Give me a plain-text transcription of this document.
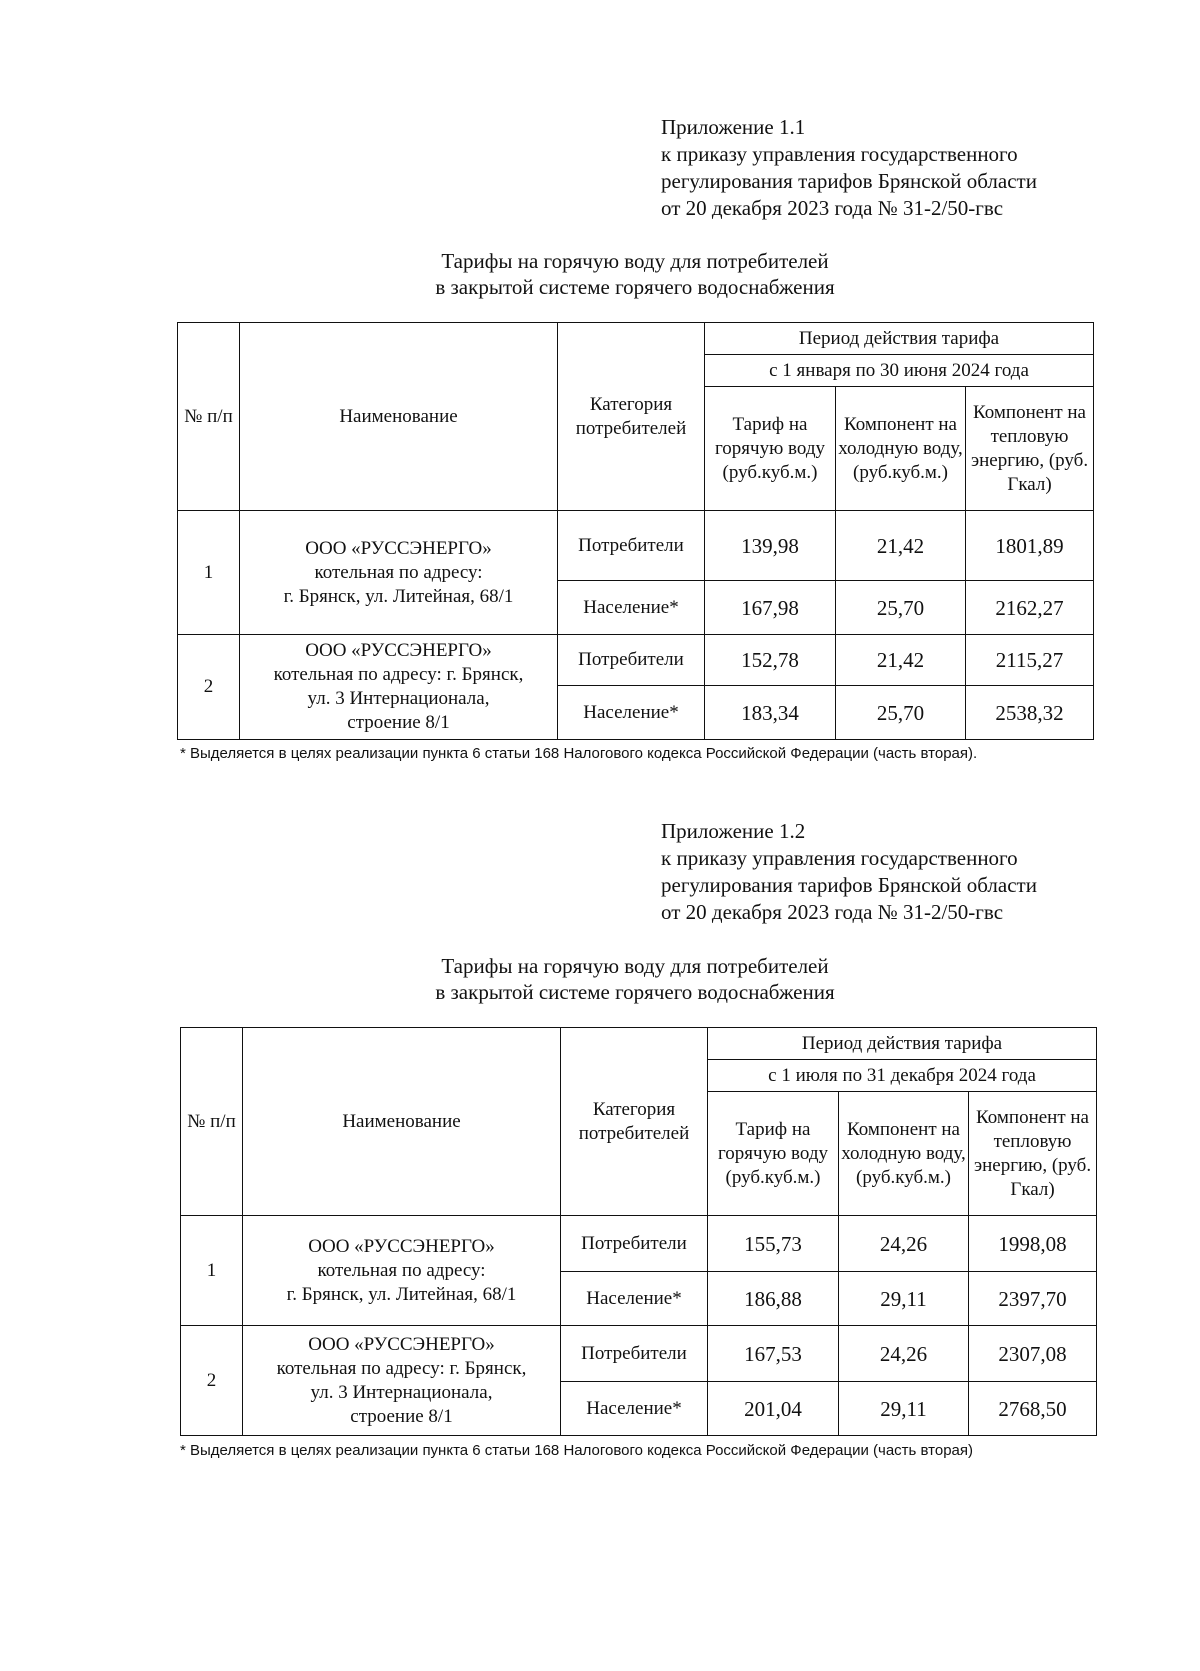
Приложение 1.1
к приказу управления государственного
регулирования тарифов Брянской области
от 20 декабря 2023 года № 31-2/50-гвс
Тарифы на горячую воду для потребителей
в закрытой системе горячего водоснабжения
№ п/п	Наименование	Категория потребителей	Период действия тарифа		
			с 1 января по 30 июня 2024 года		
			Тариф на горячую воду (руб.куб.м.)	Компонент на холодную воду, (руб.куб.м.)	Компонент на тепловую энергию, (руб. Гкал)
1	ООО «РУССЭНЕРГО»
котельная по адресу:
г. Брянск, ул. Литейная, 68/1	Потребители	139,98	21,42	1801,89
		Население*	167,98	25,70	2162,27
2	ООО «РУССЭНЕРГО»
котельная по адресу: г. Брянск,
ул. 3 Интернационала,
строение 8/1	Потребители	152,78	21,42	2115,27
		Население*	183,34	25,70	2538,32
* Выделяется в целях реализации пункта 6 статьи 168 Налогового кодекса Российской Федерации (часть вторая).
Приложение 1.2
к приказу управления государственного
регулирования тарифов Брянской области
от 20 декабря 2023 года № 31-2/50-гвс
Тарифы на горячую воду для потребителей
в закрытой системе горячего водоснабжения
№ п/п	Наименование	Категория потребителей	Период действия тарифа		
			с 1 июля по 31 декабря 2024 года		
			Тариф на горячую воду (руб.куб.м.)	Компонент на холодную воду, (руб.куб.м.)	Компонент на тепловую энергию, (руб. Гкал)
1	ООО «РУССЭНЕРГО»
котельная по адресу:
г. Брянск, ул. Литейная, 68/1	Потребители	155,73	24,26	1998,08
		Население*	186,88	29,11	2397,70
2	ООО «РУССЭНЕРГО»
котельная по адресу: г. Брянск,
ул. 3 Интернационала,
строение 8/1	Потребители	167,53	24,26	2307,08
		Население*	201,04	29,11	2768,50
* Выделяется в целях реализации пункта 6 статьи 168 Налогового кодекса Российской Федерации (часть вторая)
